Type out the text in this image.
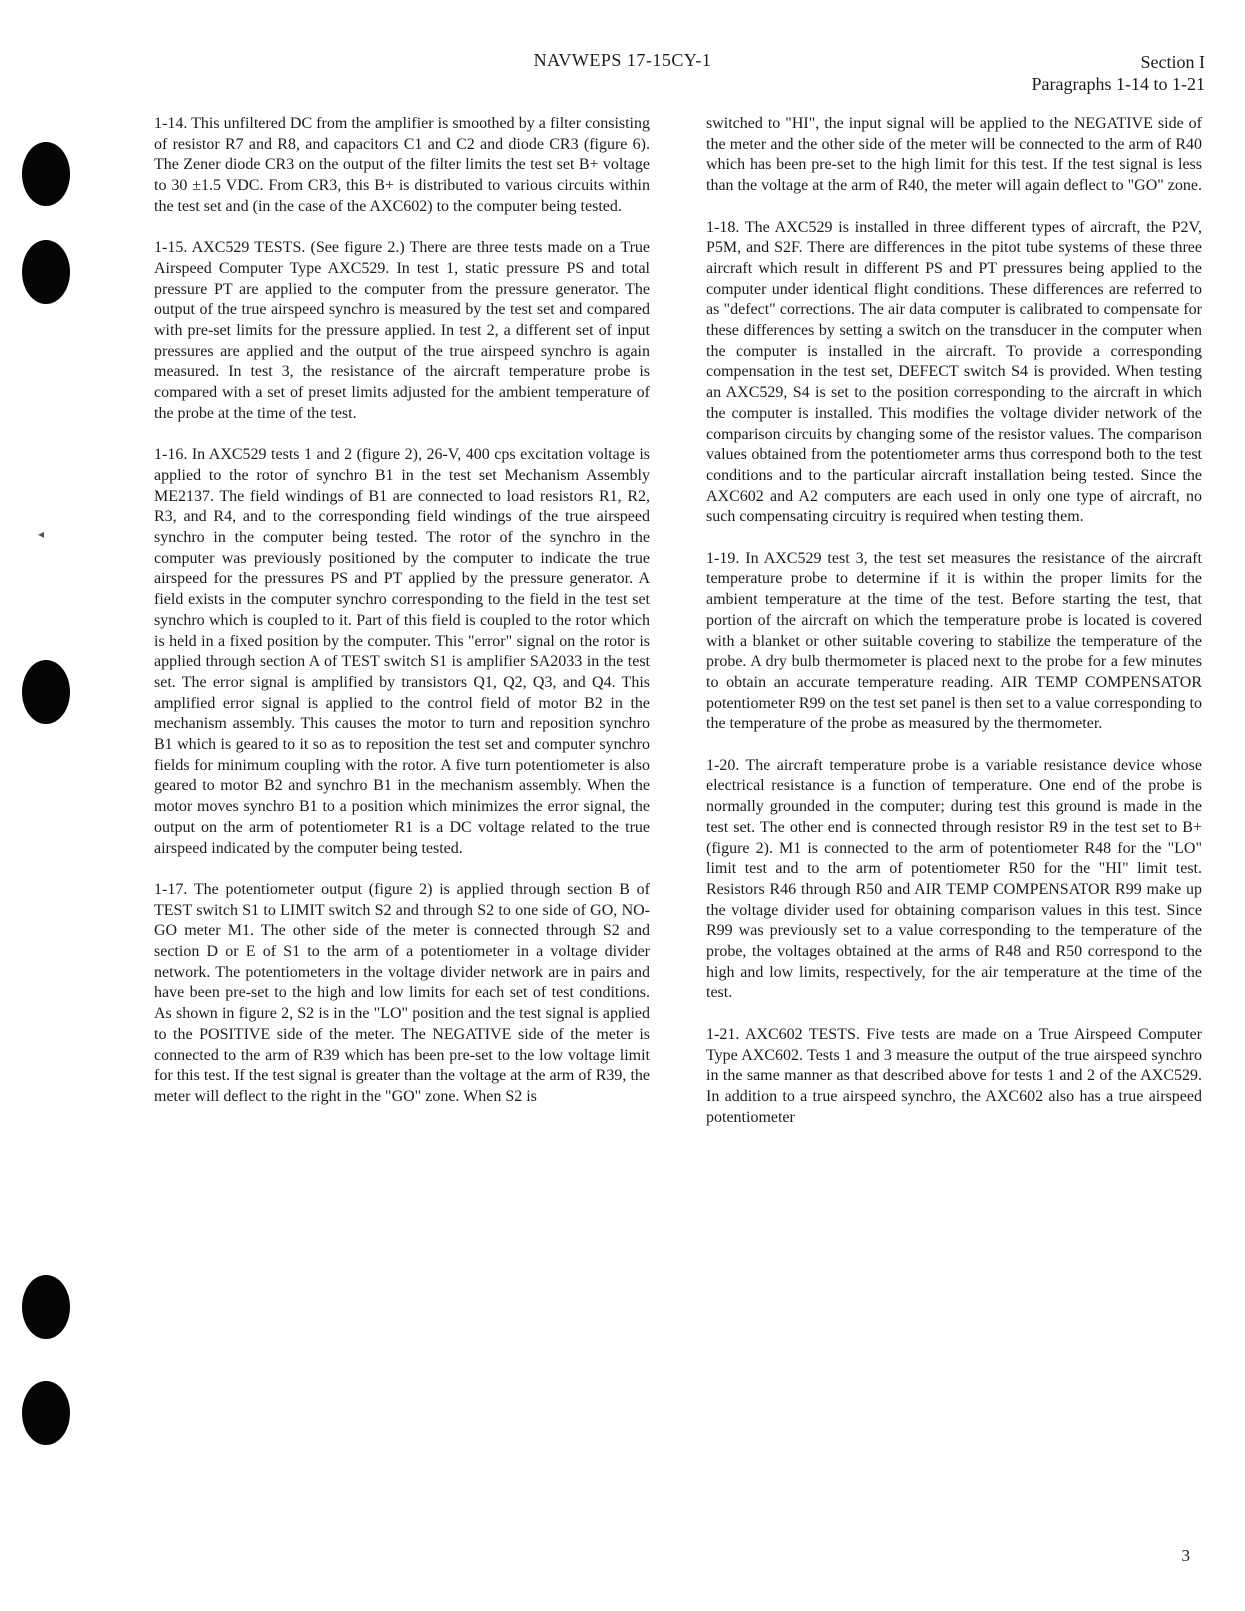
◂
NAVWEPS 17-15CY-1	Section I
Paragraphs 1-14 to 1-21

1-14. This unfiltered DC from the amplifier is smoothed by a filter consisting of resistor R7 and R8, and capacitors C1 and C2 and diode CR3 (figure 6). The Zener diode CR3 on the output of the filter limits the test set B+ voltage to 30 ±1.5 VDC. From CR3, this B+ is distributed to various circuits within the test set and (in the case of the AXC602) to the computer being tested.

1-15. AXC529 TESTS. (See figure 2.) There are three tests made on a True Airspeed Computer Type AXC529. In test 1, static pressure PS and total pressure PT are applied to the computer from the pressure generator. The output of the true airspeed synchro is measured by the test set and compared with pre-set limits for the pressure applied. In test 2, a different set of input pressures are applied and the output of the true airspeed synchro is again measured. In test 3, the resistance of the aircraft temperature probe is compared with a set of preset limits adjusted for the ambient temperature of the probe at the time of the test.

1-16. In AXC529 tests 1 and 2 (figure 2), 26-V, 400 cps excitation voltage is applied to the rotor of synchro B1 in the test set Mechanism Assembly ME2137. The field windings of B1 are connected to load resistors R1, R2, R3, and R4, and to the corresponding field windings of the true airspeed synchro in the computer being tested. The rotor of the synchro in the computer was previously positioned by the computer to indicate the true airspeed for the pressures PS and PT applied by the pressure generator. A field exists in the computer synchro corresponding to the field in the test set synchro which is coupled to it. Part of this field is coupled to the rotor which is held in a fixed position by the computer. This "error" signal on the rotor is applied through section A of TEST switch S1 is amplifier SA2033 in the test set. The error signal is amplified by transistors Q1, Q2, Q3, and Q4. This amplified error signal is applied to the control field of motor B2 in the mechanism assembly. This causes the motor to turn and reposition synchro B1 which is geared to it so as to reposition the test set and computer synchro fields for minimum coupling with the rotor. A five turn potentiometer is also geared to motor B2 and synchro B1 in the mechanism assembly. When the motor moves synchro B1 to a position which minimizes the error signal, the output on the arm of potentiometer R1 is a DC voltage related to the true airspeed indicated by the computer being tested.

1-17. The potentiometer output (figure 2) is applied through section B of TEST switch S1 to LIMIT switch S2 and through S2 to one side of GO, NO-GO meter M1. The other side of the meter is connected through S2 and section D or E of S1 to the arm of a potentiometer in a voltage divider network. The potentiometers in the voltage divider network are in pairs and have been pre-set to the high and low limits for each set of test conditions. As shown in figure 2, S2 is in the "LO" position and the test signal is applied to the POSITIVE side of the meter. The NEGATIVE side of the meter is connected to the arm of R39 which has been pre-set to the low voltage limit for this test. If the test signal is greater than the voltage at the arm of R39, the meter will deflect to the right in the "GO" zone. When S2 is

switched to "HI", the input signal will be applied to the NEGATIVE side of the meter and the other side of the meter will be connected to the arm of R40 which has been pre-set to the high limit for this test. If the test signal is less than the voltage at the arm of R40, the meter will again deflect to "GO" zone.

1-18. The AXC529 is installed in three different types of aircraft, the P2V, P5M, and S2F. There are differences in the pitot tube systems of these three aircraft which result in different PS and PT pressures being applied to the computer under identical flight conditions. These differences are referred to as "defect" corrections. The air data computer is calibrated to compensate for these differences by setting a switch on the transducer in the computer when the computer is installed in the aircraft. To provide a corresponding compensation in the test set, DEFECT switch S4 is provided. When testing an AXC529, S4 is set to the position corresponding to the aircraft in which the computer is installed. This modifies the voltage divider network of the comparison circuits by changing some of the resistor values. The comparison values obtained from the potentiometer arms thus correspond both to the test conditions and to the particular aircraft installation being tested. Since the AXC602 and A2 computers are each used in only one type of aircraft, no such compensating circuitry is required when testing them.

1-19. In AXC529 test 3, the test set measures the resistance of the aircraft temperature probe to determine if it is within the proper limits for the ambient temperature at the time of the test. Before starting the test, that portion of the aircraft on which the temperature probe is located is covered with a blanket or other suitable covering to stabilize the temperature of the probe. A dry bulb thermometer is placed next to the probe for a few minutes to obtain an accurate temperature reading. AIR TEMP COMPENSATOR potentiometer R99 on the test set panel is then set to a value corresponding to the temperature of the probe as measured by the thermometer.

1-20. The aircraft temperature probe is a variable resistance device whose electrical resistance is a function of temperature. One end of the probe is normally grounded in the computer; during test this ground is made in the test set. The other end is connected through resistor R9 in the test set to B+ (figure 2). M1 is connected to the arm of potentiometer R48 for the "LO" limit test and to the arm of potentiometer R50 for the "HI" limit test. Resistors R46 through R50 and AIR TEMP COMPENSATOR R99 make up the voltage divider used for obtaining comparison values in this test. Since R99 was previously set to a value corresponding to the temperature of the probe, the voltages obtained at the arms of R48 and R50 correspond to the high and low limits, respectively, for the air temperature at the time of the test.

1-21. AXC602 TESTS. Five tests are made on a True Airspeed Computer Type AXC602. Tests 1 and 3 measure the output of the true airspeed synchro in the same manner as that described above for tests 1 and 2 of the AXC529. In addition to a true airspeed synchro, the AXC602 also has a true airspeed potentiometer

3
